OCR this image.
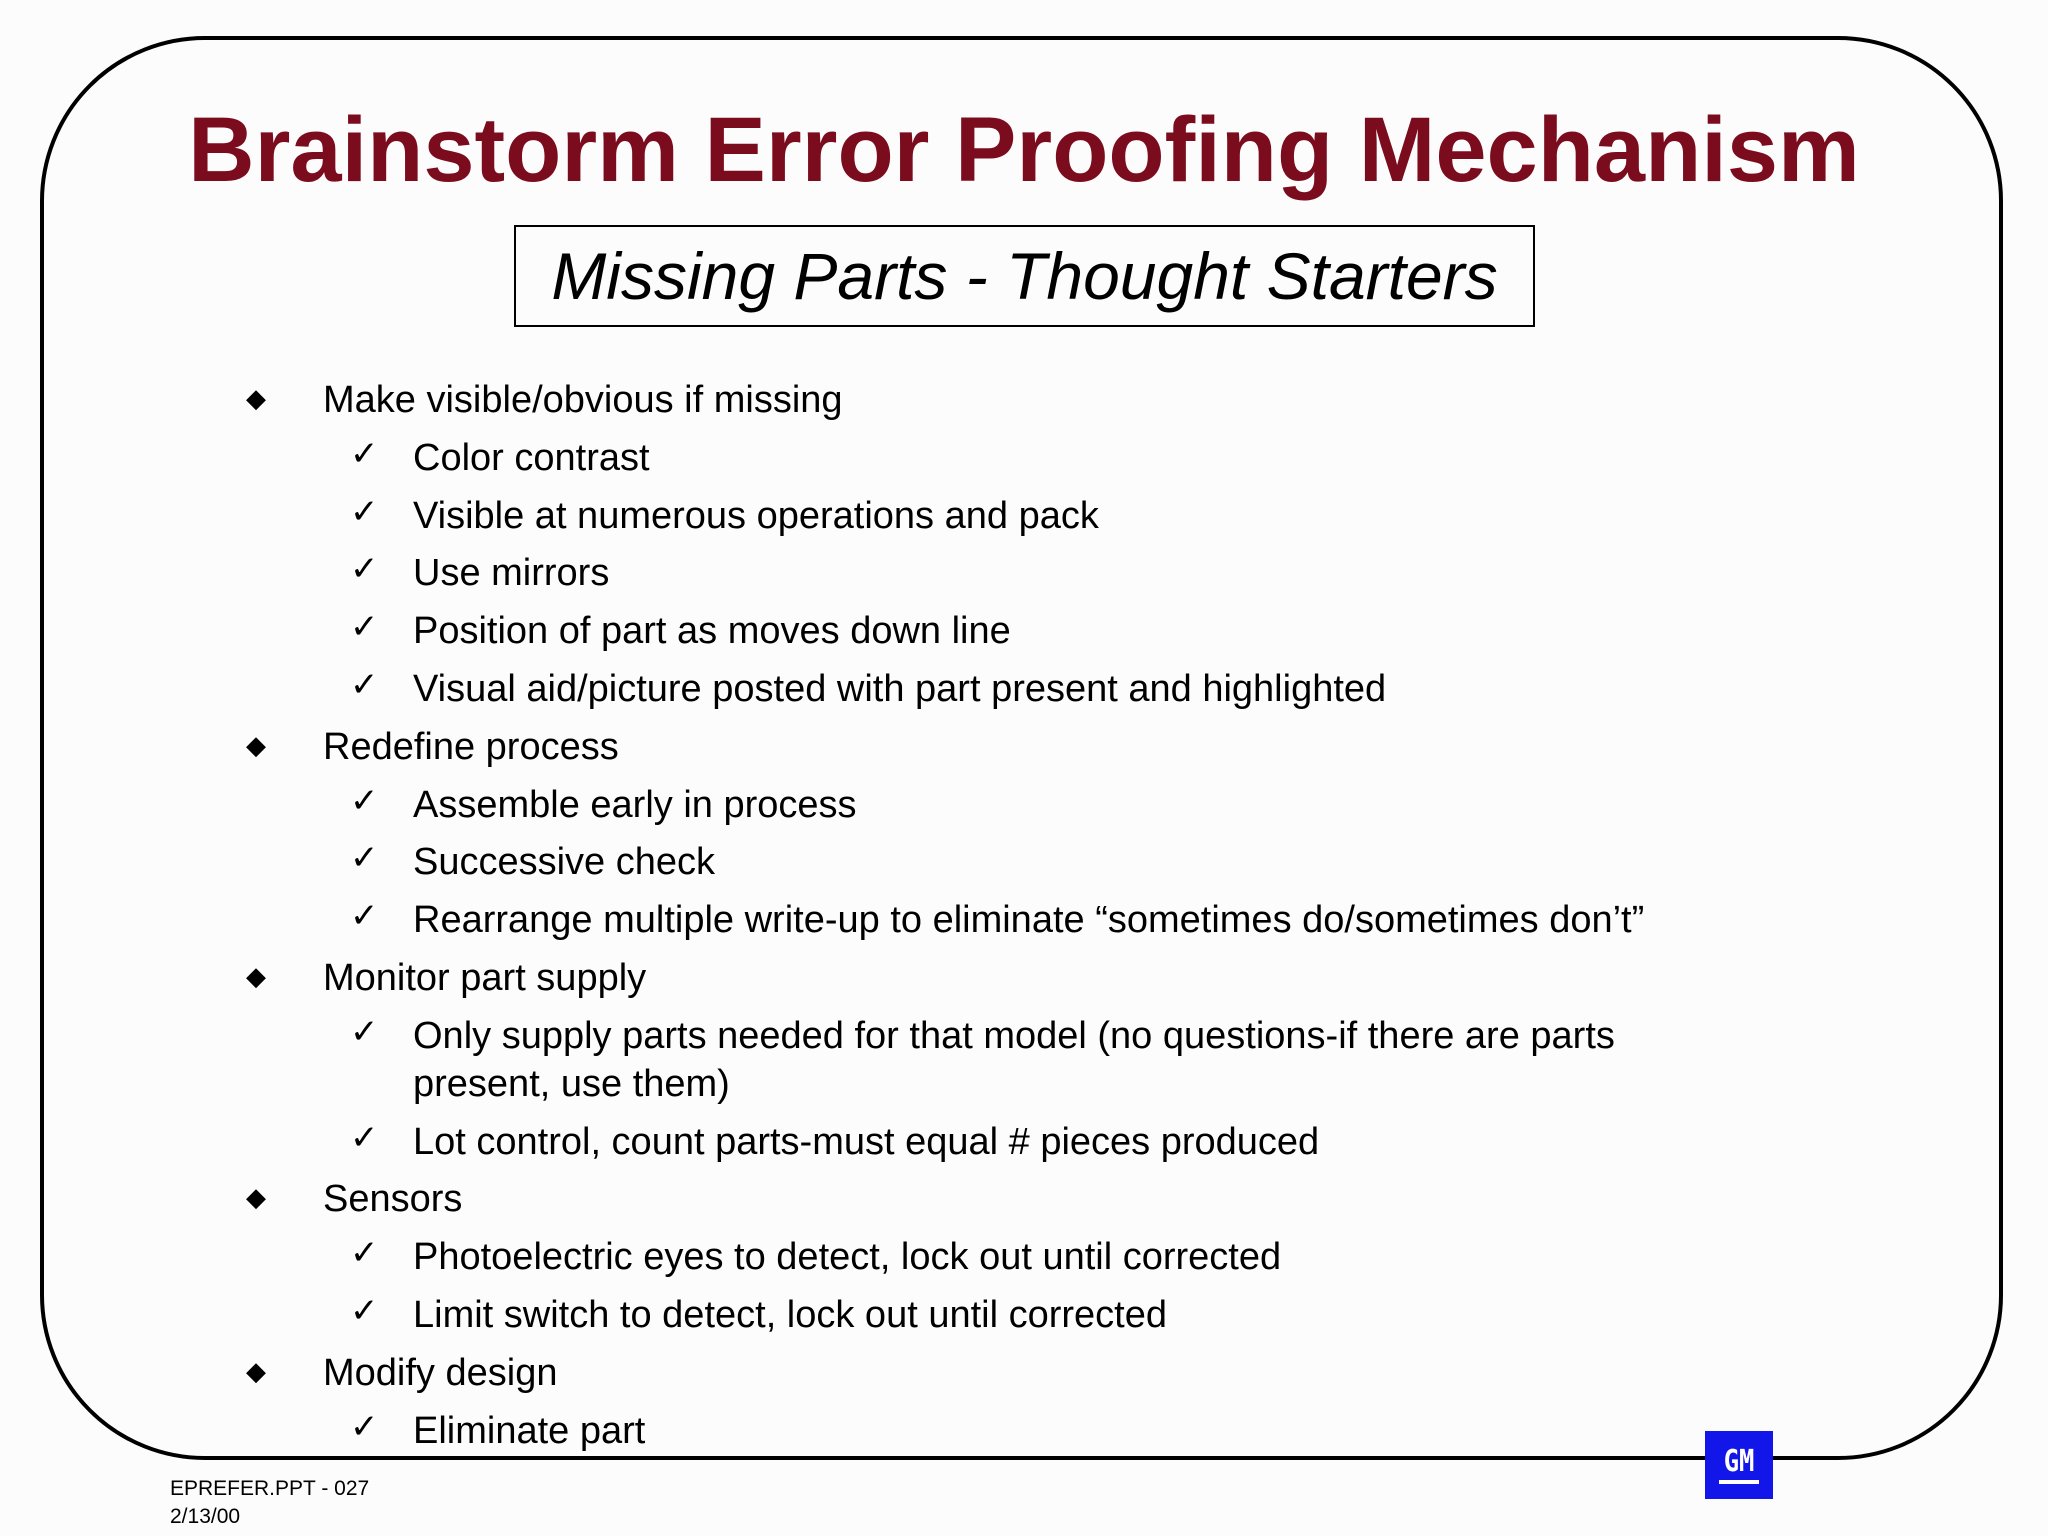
Brainstorm Error Proofing Mechanism
Missing Parts - Thought Starters
◆ Make visible/obvious if missing
✓ Color contrast
✓ Visible at numerous operations and pack
✓ Use mirrors
✓ Position of part as moves down line
✓ Visual aid/picture posted with part present and highlighted
◆ Redefine process
✓ Assemble early in process
✓ Successive check
✓ Rearrange multiple write-up to eliminate “sometimes do/sometimes don’t”
◆ Monitor part supply
✓ Only supply parts needed for that model (no questions-if there are parts
present, use them)
✓ Lot control, count parts-must equal # pieces produced
◆ Sensors
✓ Photoelectric eyes to detect, lock out until corrected
✓ Limit switch to detect, lock out until corrected
◆ Modify design
✓ Eliminate part
EPREFER.PPT - 027
2/13/00
GM
